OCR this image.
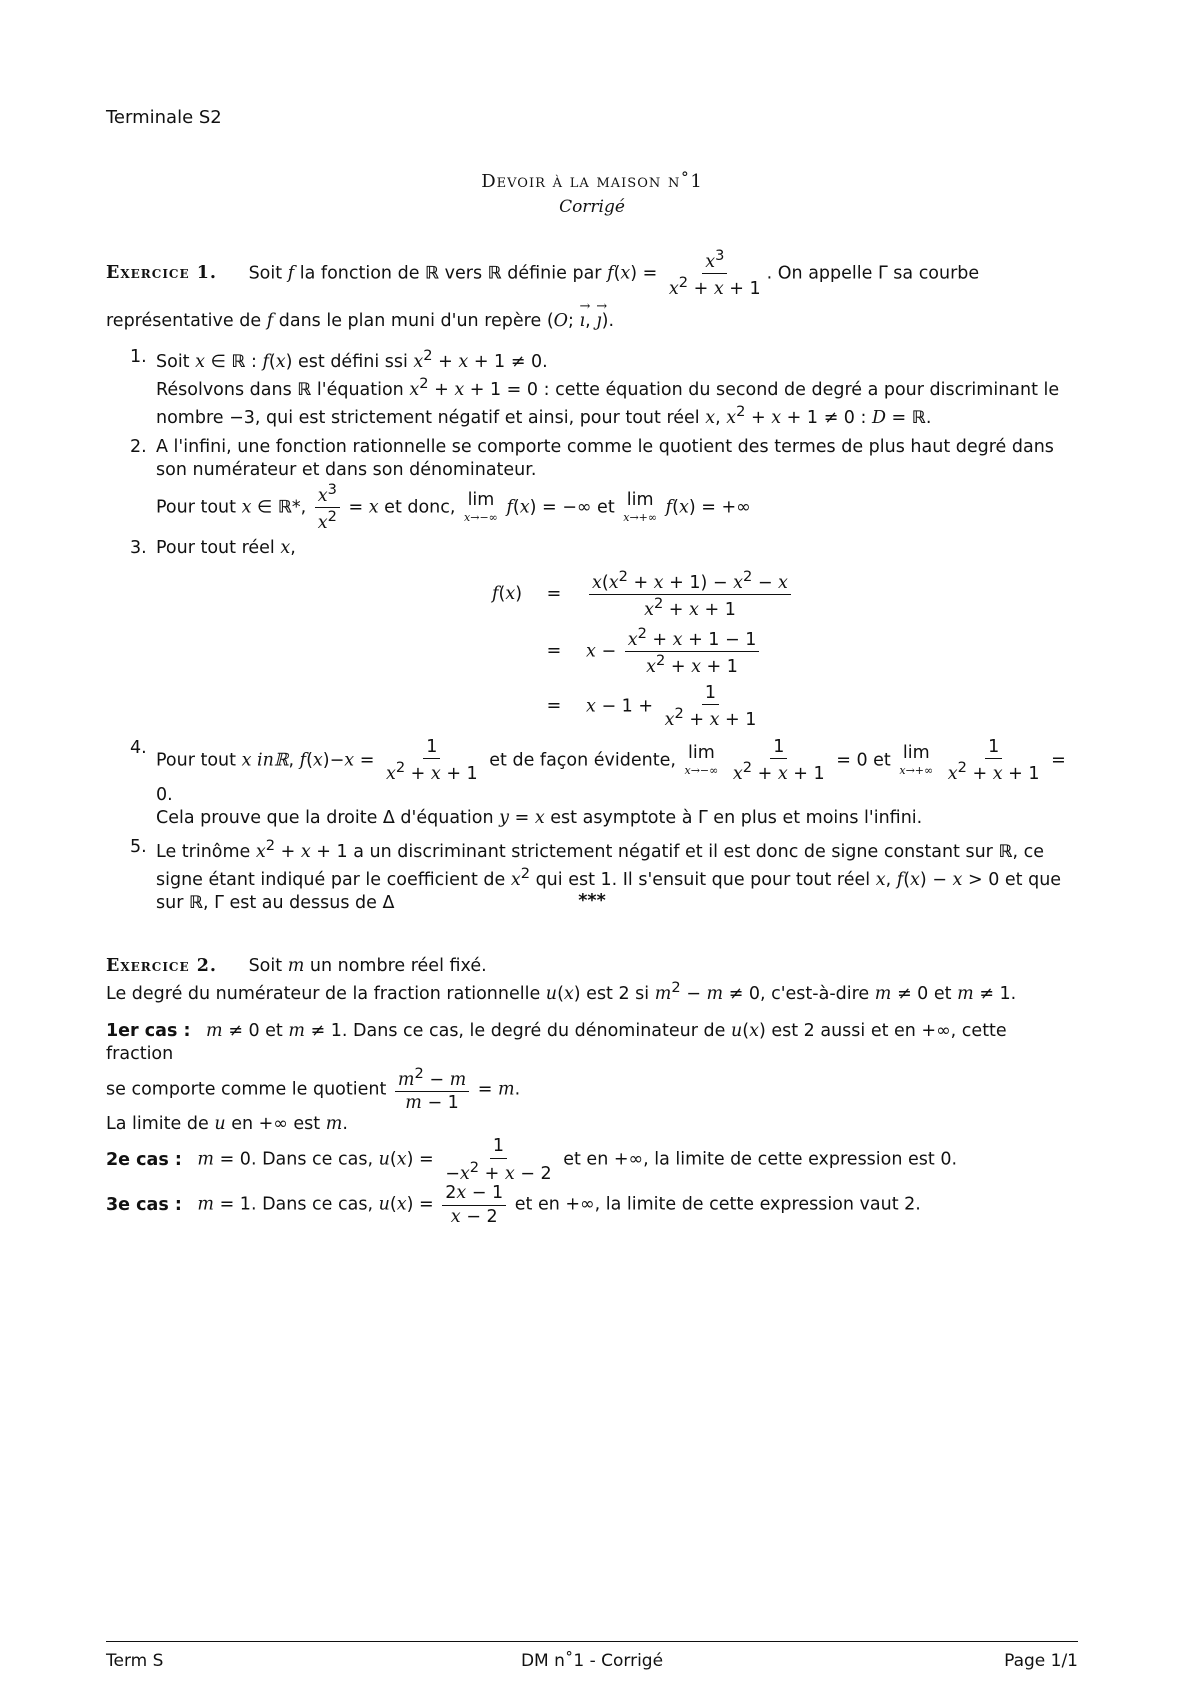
Terminale S2
Devoir à la maison n˚1
Corrigé
Exercice 1. Soit f la fonction de ℝ vers ℝ définie par $f(x) = \frac{x^3}{x^2 + x + 1}$ . On appelle Γ sa courbe
représentative de f dans le plan muni d'un repère (O; → ı, → ȷ).
1. Soit x ∈ ℝ : f(x) est défini ssi $x^2 + x + 1 \ne 0$.
Résolvons dans ℝ l'équation $x^2 + x + 1 = 0$ : cette équation du second de degré a pour discriminant le
nombre −3, qui est strictement négatif et ainsi, pour tout réel x, $x^2 + x + 1 \ne 0$ : D = ℝ.
2. A l'infini, une fonction rationnelle se comporte comme le quotient des termes de plus haut degré dans
son numérateur et dans son dénominateur.
Pour tout x ∈ ℝ*, $\frac{x^3}{x^2} = x$ et donc, lim
x→−∞ f(x) = −∞ et lim
x→+∞ f(x) = +∞
3. Pour tout réel x,
f(x)	=	$\frac{x(x^2 + x + 1) - x^2 - x}{x^2 + x + 1}$

	=	$x - \frac{x^2 + x + 1 - 1}{x^2 + x + 1}$

	=	$x - 1 + \frac{1}{x^2 + x + 1}$
4.
Pour tout x inℝ, $f(x)-x = \frac{1}{x^2 + x + 1}$ et de façon évidente, lim
x→−∞
$\frac{1}{x^2 + x + 1} = 0$ et lim
x→+∞
$\frac{1}{x^2 + x + 1}$ =
0.
Cela prouve que la droite Δ d'équation y = x est asymptote à Γ en plus et moins l'infini.
5. Le trinôme $x^2 + x + 1$ a un discriminant strictement négatif et il est donc de signe constant sur ℝ, ce
signe étant indiqué par le coefficient de $x^2$ qui est 1. Il s'ensuit que pour tout réel x, f(x) − x > 0 et que
sur ℝ, Γ est au dessus de Δ	***
Exercice 2. Soit m un nombre réel fixé.
Le degré du numérateur de la fraction rationnelle u(x) est 2 si $m^2 - m \ne 0$, c'est-à-dire m ≠ 0 et m ≠ 1.
1er cas : m ≠ 0 et m ≠ 1. Dans ce cas, le degré du dénominateur de u(x) est 2 aussi et en +∞, cette fraction
se comporte comme le quotient $\frac{m^2 - m}{m - 1} = m$.
La limite de u en +∞ est m.
2e cas : m = 0. Dans ce cas, $u(x) = \frac{1}{-x^2 + x - 2}$ et en +∞, la limite de cette expression est 0.
3e cas : m = 1. Dans ce cas, $u(x) = \frac{2x - 1}{x - 2}$ et en +∞, la limite de cette expression vaut 2.
Term S	DM n˚1 - Corrigé	Page 1/1
